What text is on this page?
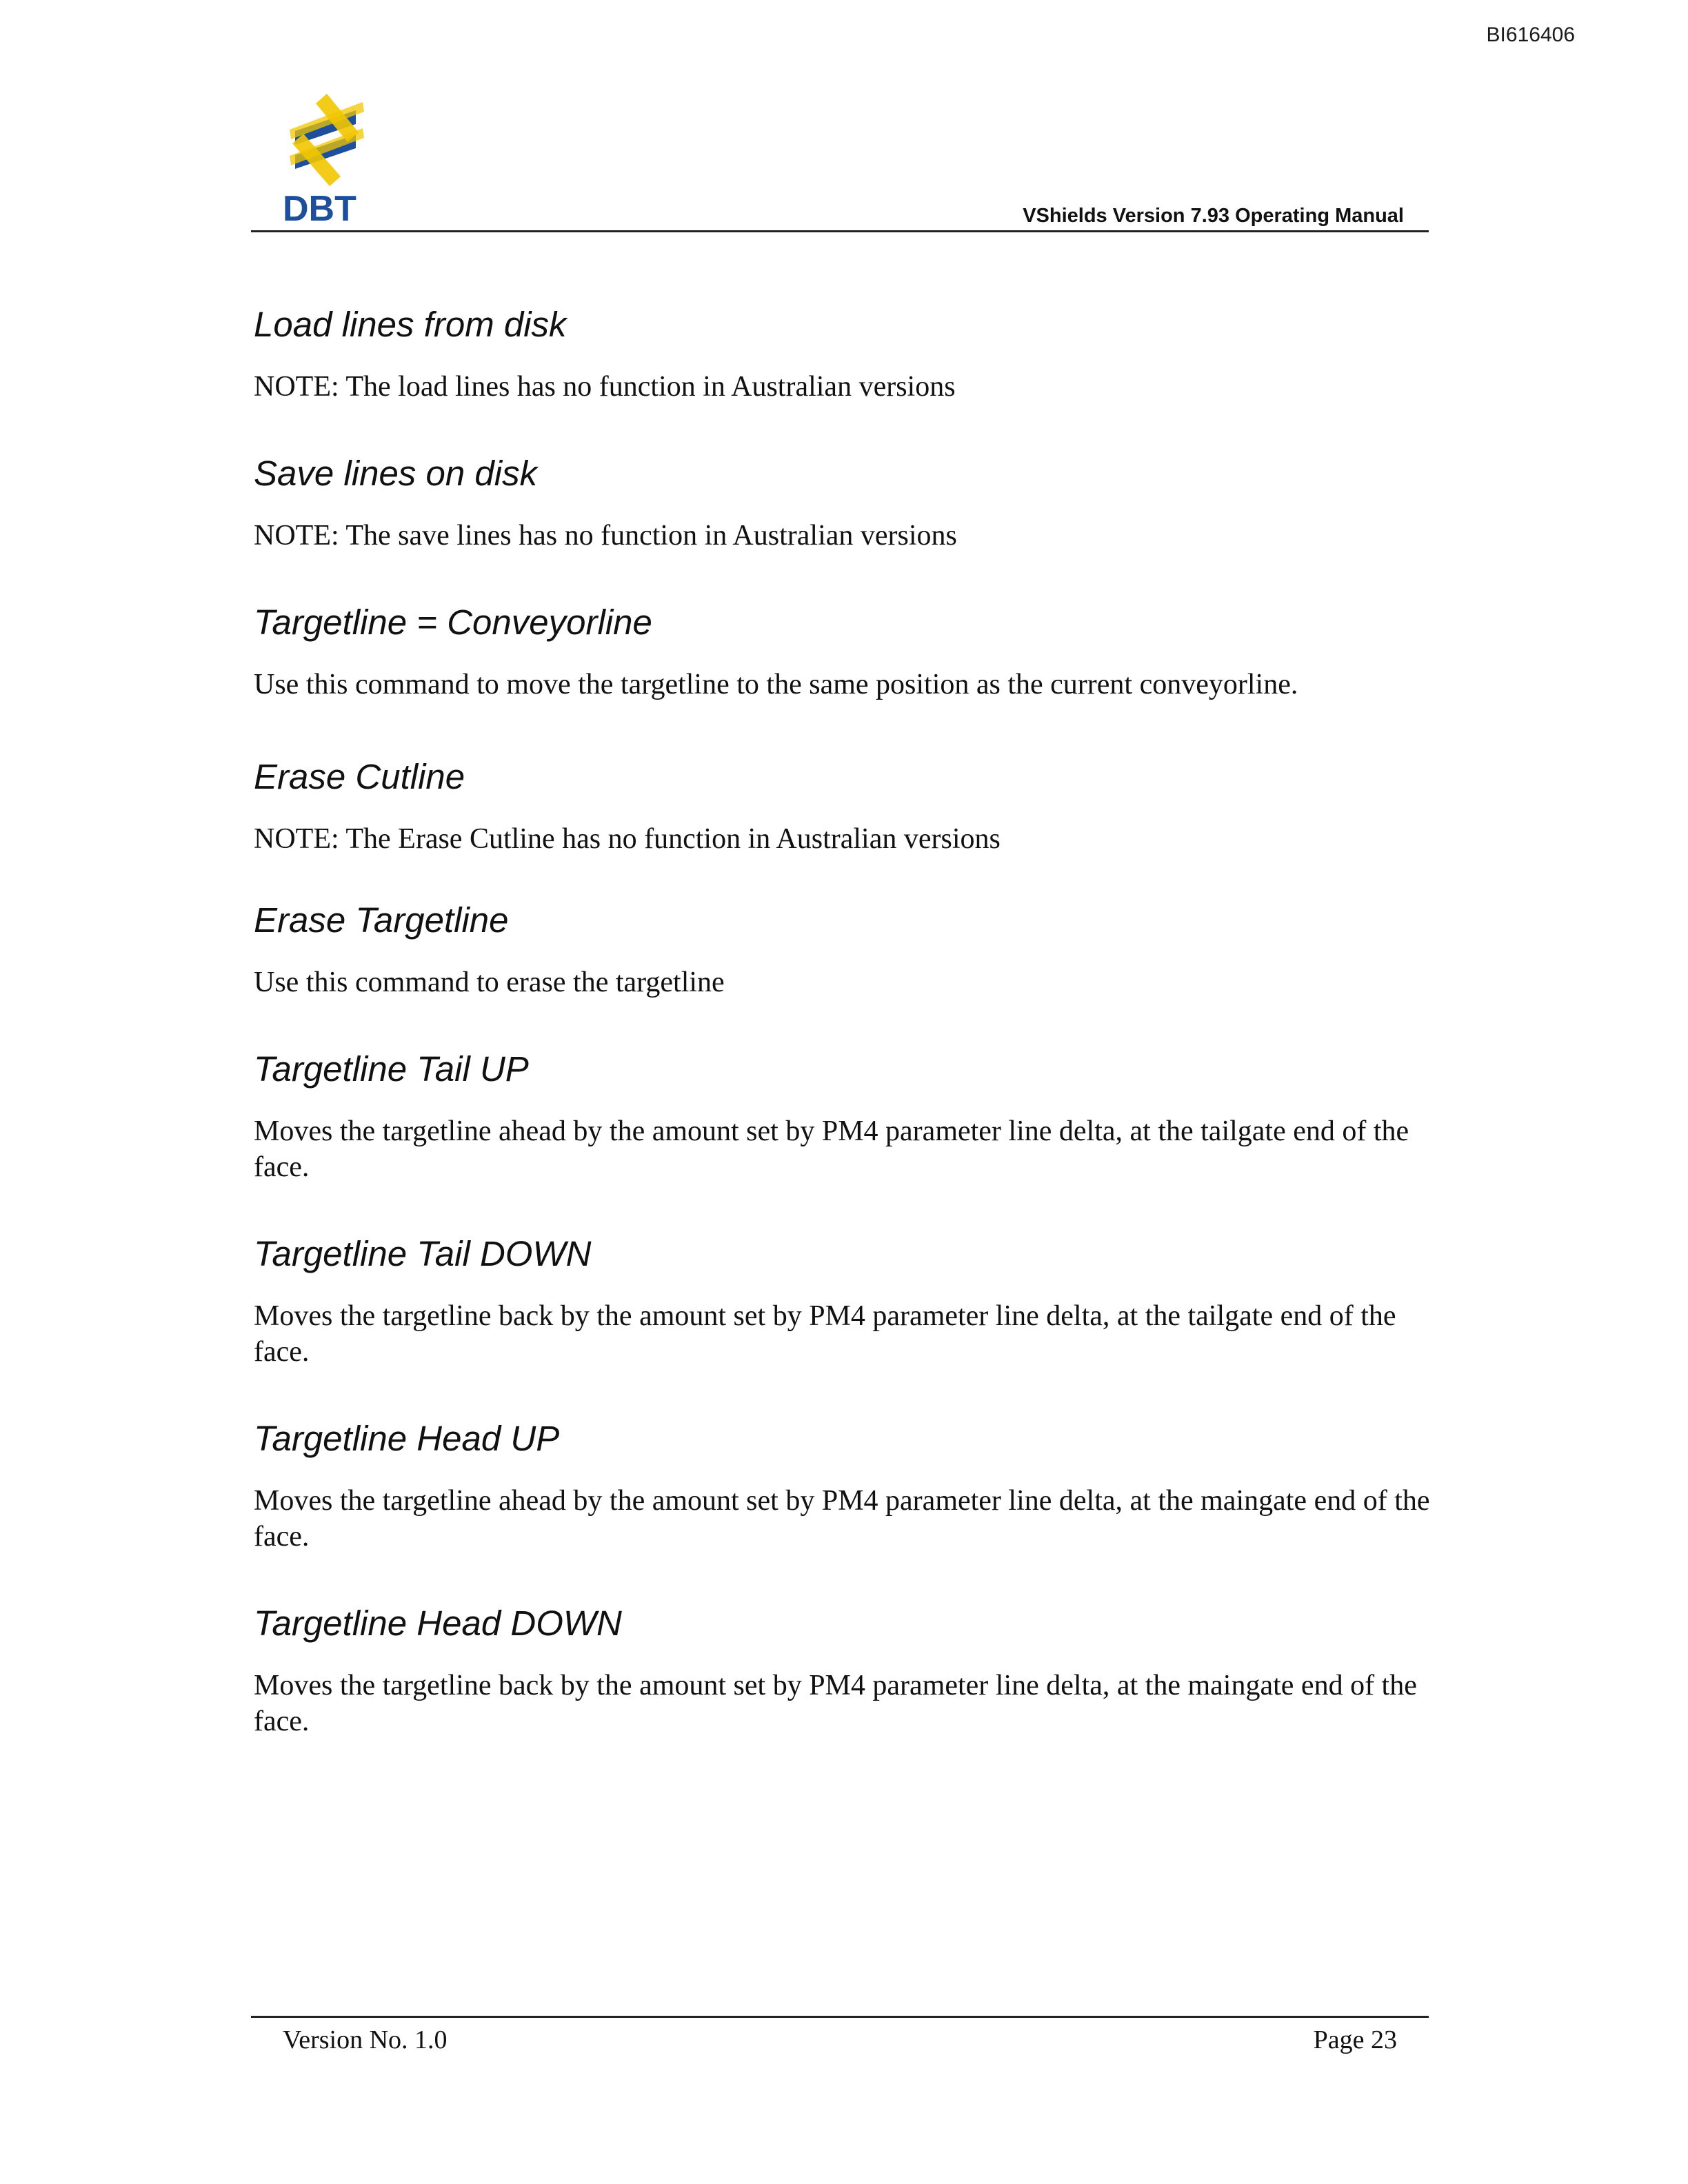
BI616406
DBT	VShields Version 7.93 Operating Manual
Load lines from disk

NOTE: The load lines has no function in Australian versions

Save lines on disk

NOTE: The save lines has no function in Australian versions

Targetline = Conveyorline

Use this command to move the targetline to the same position as the current conveyorline.

Erase Cutline

NOTE: The Erase Cutline has no function in Australian versions

Erase Targetline

Use this command to erase the targetline

Targetline Tail UP

Moves the targetline ahead by the amount set by PM4 parameter line delta, at the tailgate end of the face.

Targetline Tail DOWN

Moves the targetline back by the amount set by PM4 parameter line delta, at the tailgate end of the face.

Targetline Head UP

Moves the targetline ahead by the amount set by PM4 parameter line delta, at the maingate end of the face.

Targetline Head DOWN

Moves the targetline back by the amount set by PM4 parameter line delta, at the maingate end of the face.

Version No. 1.0	Page 23
